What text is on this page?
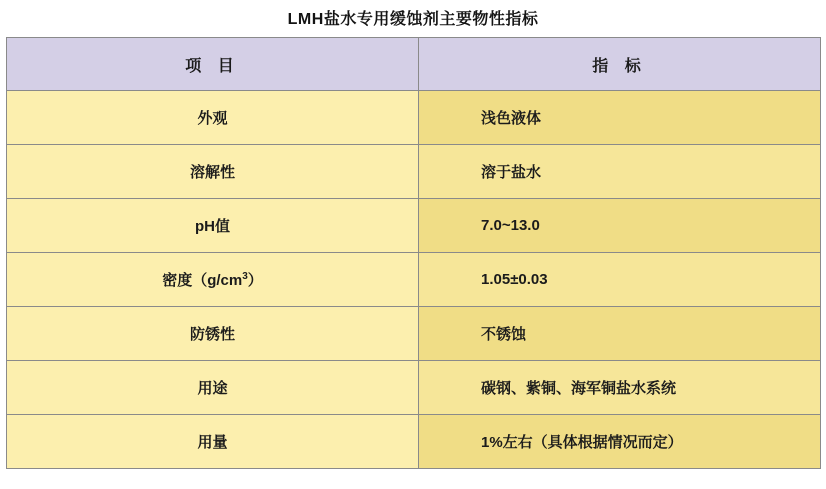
LMH盐水专用缓蚀剂主要物性指标
项 目	指 标
外观	浅色液体
溶解性	溶于盐水
pH值	7.0~13.0
密度$(g/cm^3)$	1.05±0.03
防锈性	不锈蚀
用途	碳钢、紫铜、海军铜盐水系统
用量	1%左右（具体根据情况而定）
